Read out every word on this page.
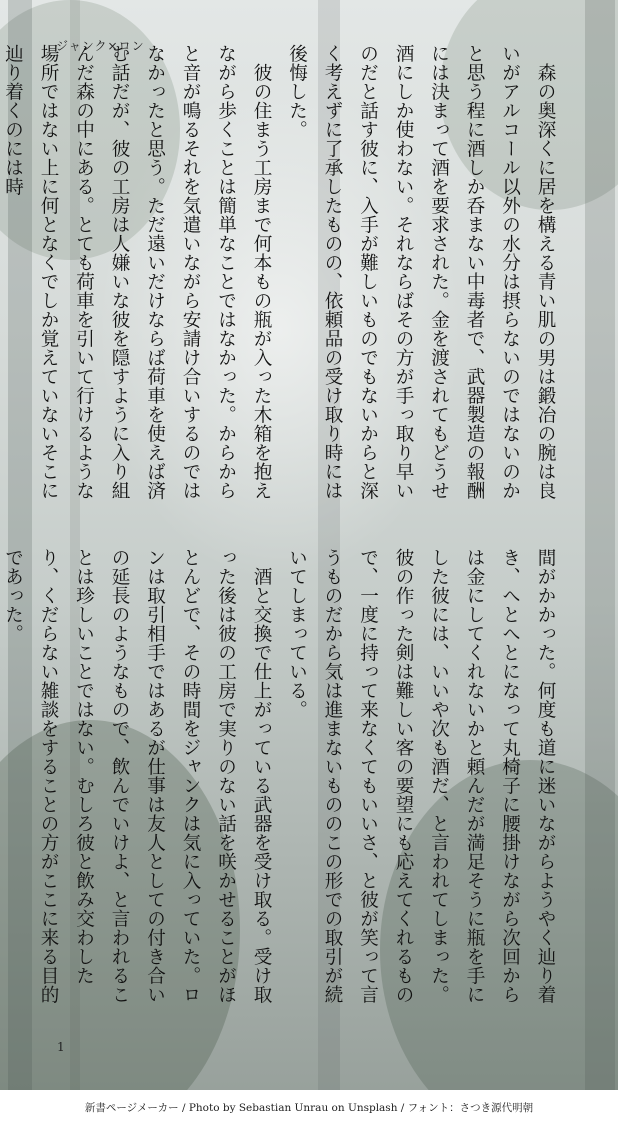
ジャンク×ロン

森の奥深くに居を構える青い肌の男は鍛冶の腕は良いがアルコール以外の水分は摂らないのではないのかと思う程に酒しか呑まない中毒者で、武器製造の報酬には決まって酒を要求された。金を渡されてもどうせ酒にしか使わない。それならばその方が手っ取り早いのだと話す彼に、入手が難しいものでもないからと深く考えずに了承したものの、依頼品の受け取り時には後悔した。

彼の住まう工房まで何本もの瓶が入った木箱を抱えながら歩くことは簡単なことではなかった。からからと音が鳴るそれを気遣いながら安請け合いするのではなかったと思う。ただ遠いだけならば荷車を使えば済む話だが、彼の工房は人嫌いな彼を隠すように入り組んだ森の中にある。とても荷車を引いて行けるような場所ではない上に何となくでしか覚えていないそこに辿り着くのには時

間がかかった。何度も道に迷いながらようやく辿り着き、へとへとになって丸椅子に腰掛けながら次回からは金にしてくれないかと頼んだが満足そうに瓶を手にした彼には、いいや次も酒だ、と言われてしまった。彼の作った剣は難しい客の要望にも応えてくれるもので、一度に持って来なくてもいいさ、と彼が笑って言うものだから気は進まないもののこの形での取引が続いてしまっている。

酒と交換で仕上がっている武器を受け取る。受け取った後は彼の工房で実りのない話を咲かせることがほとんどで、その時間をジャンクは気に入っていた。ロンは取引相手ではあるが仕事は友人としての付き合いの延長のようなもので、飲んでいけよ、と言われることは珍しいことではない。むしろ彼と飲み交わしたり、くだらない雑談をすることの方がここに来る目的であった。

1
新書ページメーカー / Photo by Sebastian Unrau on Unsplash / フォント：さつき源代明朝
